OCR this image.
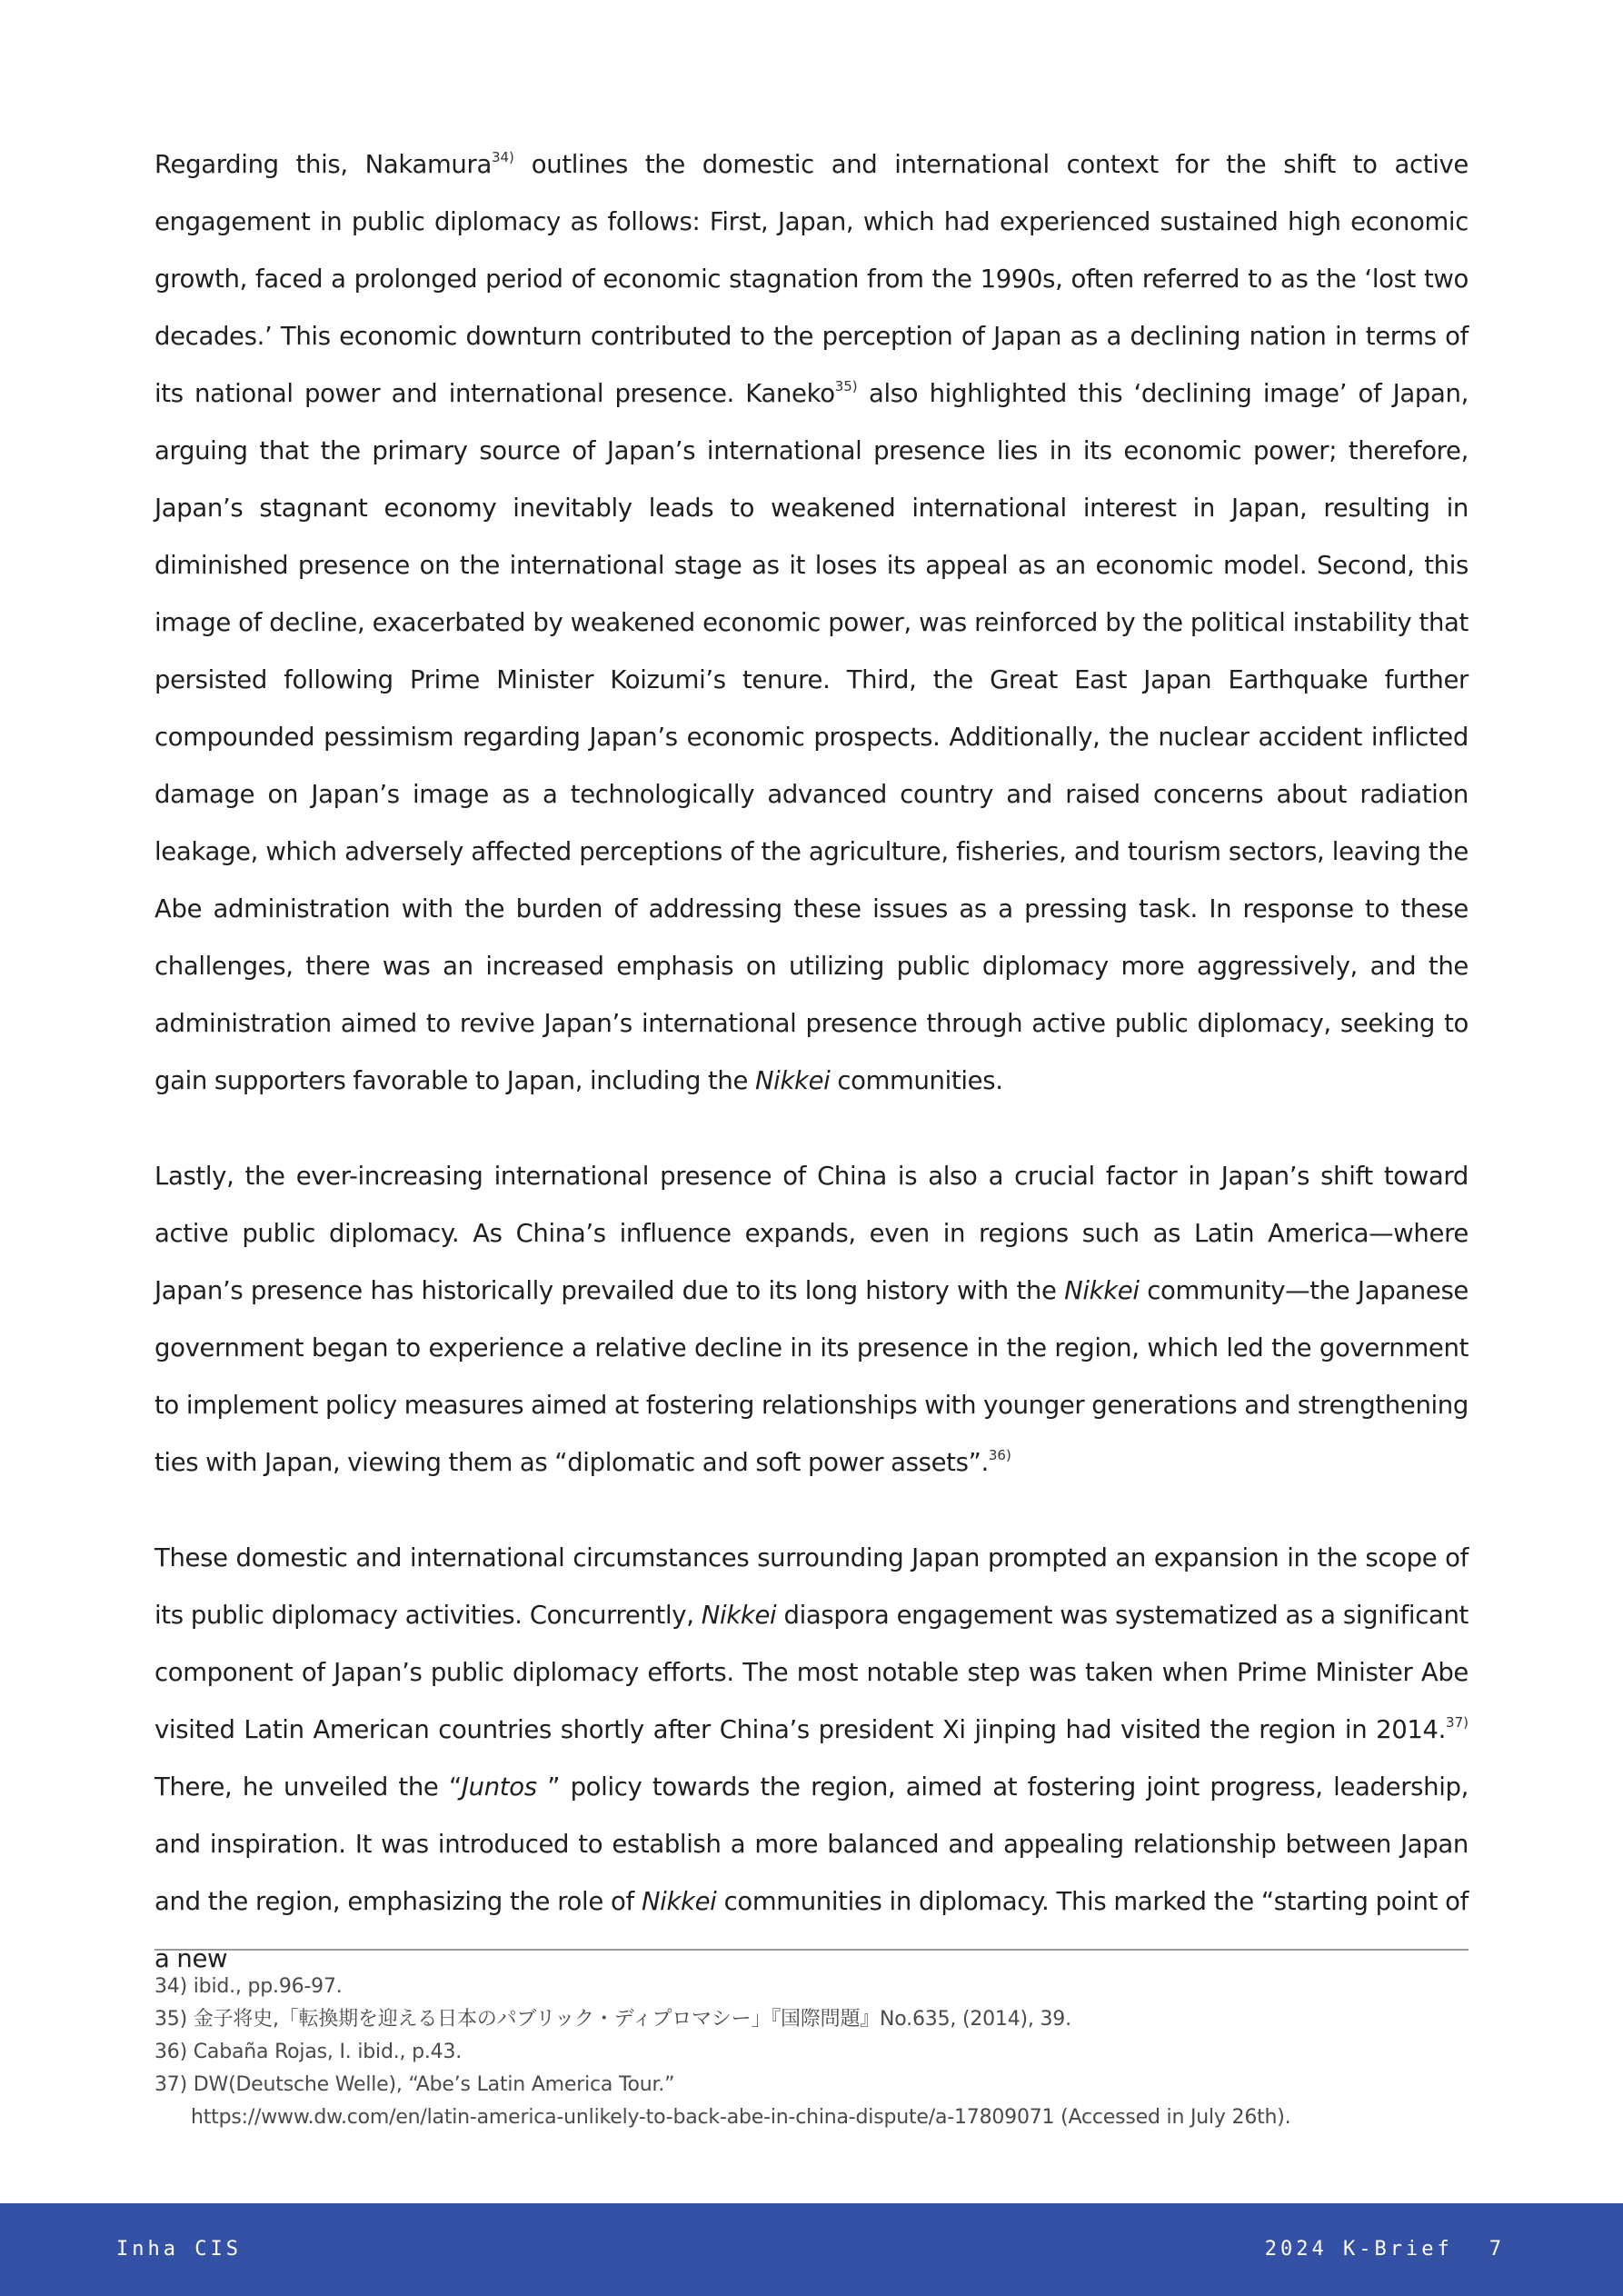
Regarding this, Nakamura$^{34)}$ outlines the domestic and international context for the shift to active engagement in public diplomacy as follows: First, Japan, which had experienced sustained high economic growth, faced a prolonged period of economic stagnation from the 1990s, often referred to as the ‘lost two decades.’ This economic downturn contributed to the perception of Japan as a declining nation in terms of its national power and international presence. Kaneko$^{35)}$ also highlighted this ‘declining image’ of Japan, arguing that the primary source of Japan’s international presence lies in its economic power; therefore, Japan’s stagnant economy inevitably leads to weakened international interest in Japan, resulting in diminished presence on the international stage as it loses its appeal as an economic model. Second, this image of decline, exacerbated by weakened economic power, was reinforced by the political instability that persisted following Prime Minister Koizumi’s tenure. Third, the Great East Japan Earthquake further compounded pessimism regarding Japan’s economic prospects. Additionally, the nuclear accident inflicted damage on Japan’s image as a technologically advanced country and raised concerns about radiation leakage, which adversely affected perceptions of the agriculture, fisheries, and tourism sectors, leaving the Abe administration with the burden of addressing these issues as a pressing task. In response to these challenges, there was an increased emphasis on utilizing public diplomacy more aggressively, and the administration aimed to revive Japan’s international presence through active public diplomacy, seeking to gain supporters favorable to Japan, including the Nikkei communities.

Lastly, the ever-increasing international presence of China is also a crucial factor in Japan’s shift toward active public diplomacy. As China’s influence expands, even in regions such as Latin America—where Japan’s presence has historically prevailed due to its long history with the Nikkei community—the Japanese government began to experience a relative decline in its presence in the region, which led the government to implement policy measures aimed at fostering relationships with younger generations and strengthening ties with Japan, viewing them as “diplomatic and soft power assets”.$^{36)}$

These domestic and international circumstances surrounding Japan prompted an expansion in the scope of its public diplomacy activities. Concurrently, Nikkei diaspora engagement was systematized as a significant component of Japan’s public diplomacy efforts. The most notable step was taken when Prime Minister Abe visited Latin American countries shortly after China’s president Xi jinping had visited the region in 2014.$^{37)}$ There, he unveiled the “Juntos ” policy towards the region, aimed at fostering joint progress, leadership, and inspiration. It was introduced to establish a more balanced and appealing relationship between Japan and the region, emphasizing the role of Nikkei communities in diplomacy. This marked the “starting point of a new

34) ibid., pp.96-97.
35) 金子将史,「転換期を迎える日本のパブリック・ディプロマシー」『国際問題』No.635, (2014), 39.
36) Cabaña Rojas, I. ibid., p.43.
37) DW(Deutsche Welle), “Abe’s Latin America Tour.”
https://www.dw.com/en/latin-america-unlikely-to-back-abe-in-china-dispute/a-17809071 (Accessed in July 26th).
Inha CIS	2024 K-Brief 7
